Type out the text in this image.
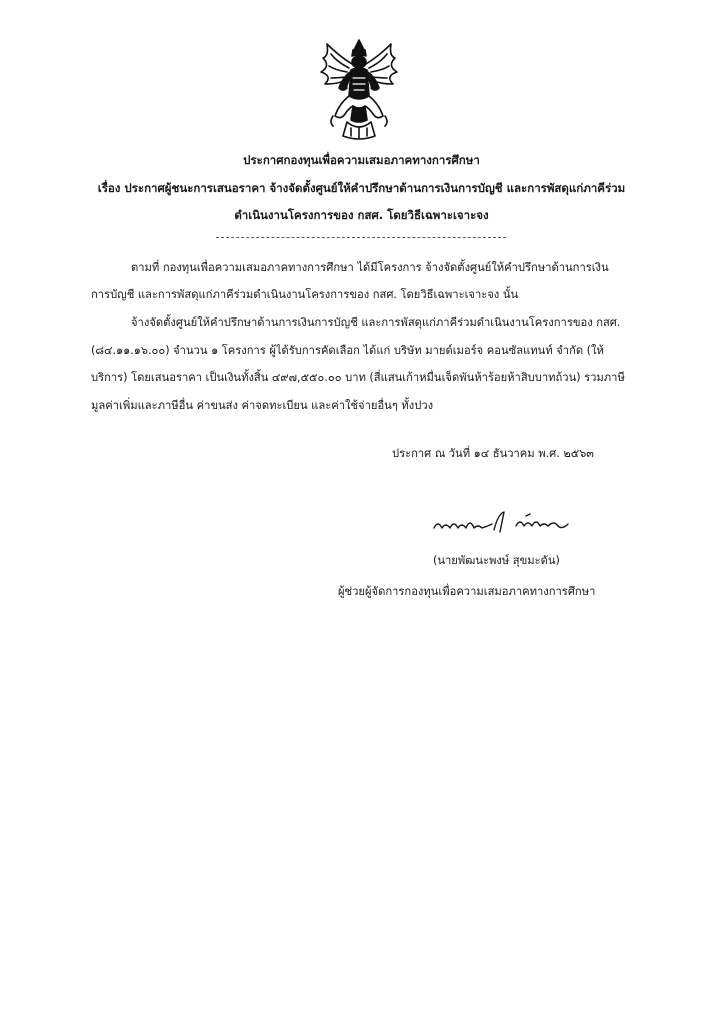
ประกาศกองทุนเพื่อความเสมอภาคทางการศึกษา
เรื่อง ประกาศผู้ชนะการเสนอราคา จ้างจัดตั้งศูนย์ให้คำปรึกษาด้านการเงินการบัญชี และการพัสดุแก่ภาคีร่วม
ดำเนินงานโครงการของ กสศ. โดยวิธีเฉพาะเจาะจง
ตามที่ กองทุนเพื่อความเสมอภาคทางการศึกษา ได้มีโครงการ จ้างจัดตั้งศูนย์ให้คำปรึกษาด้านการเงิน
การบัญชี และการพัสดุแก่ภาคีร่วมดำเนินงานโครงการของ กสศ. โดยวิธีเฉพาะเจาะจง นั้น
จ้างจัดตั้งศูนย์ให้คำปรึกษาด้านการเงินการบัญชี และการพัสดุแก่ภาคีร่วมดำเนินงานโครงการของ กสศ.
(๘๔.๑๑.๑๖.๐๐) จำนวน ๑ โครงการ ผู้ได้รับการคัดเลือก ได้แก่ บริษัท มายด์เมอร์จ คอนซัลแทนท์ จำกัด (ให้
บริการ) โดยเสนอราคา เป็นเงินทั้งสิ้น ๔๙๗,๕๕๐.๐๐ บาท (สี่แสนเก้าหมื่นเจ็ดพันห้าร้อยห้าสิบบาทถ้วน) รวมภาษี
มูลค่าเพิ่มและภาษีอื่น ค่าขนส่ง ค่าจดทะเบียน และค่าใช้จ่ายอื่นๆ ทั้งปวง
ประกาศ ณ วันที่ ๑๔ ธันวาคม พ.ศ. ๒๕๖๓
(นายพัฒนะพงษ์ สุขมะดัน)
ผู้ช่วยผู้จัดการกองทุนเพื่อความเสมอภาคทางการศึกษา
